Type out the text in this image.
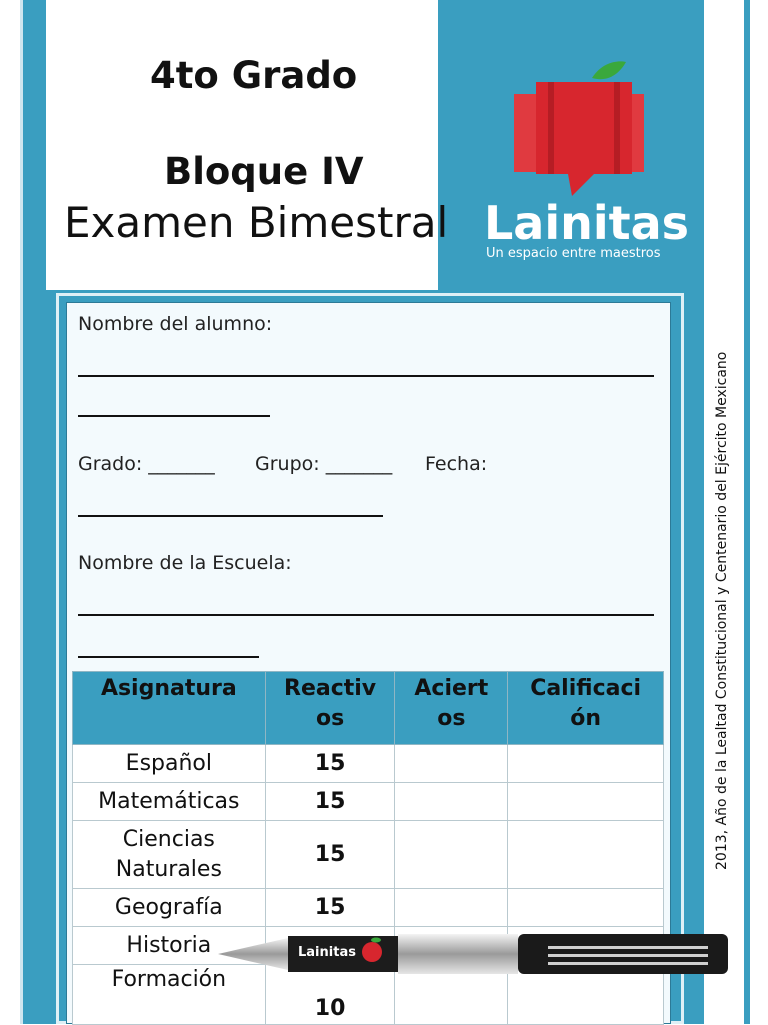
4to Grado
Bloque IV
Examen Bimestral Lainitas
Un espacio entre maestros
2013, Año de la Lealtad Constitucional y Centenario del Ejército Mexicano
Nombre del alumno:
Grado: _______ Grupo: _______ Fecha:
Nombre de la Escuela:
Asignatura	Reactiv os	Aciert os	Calificaci ón
Español	15		
Matemáticas	15		
Ciencias Naturales	15		
Geografía	15		
Historia			
Formación	10		
Lainitas
